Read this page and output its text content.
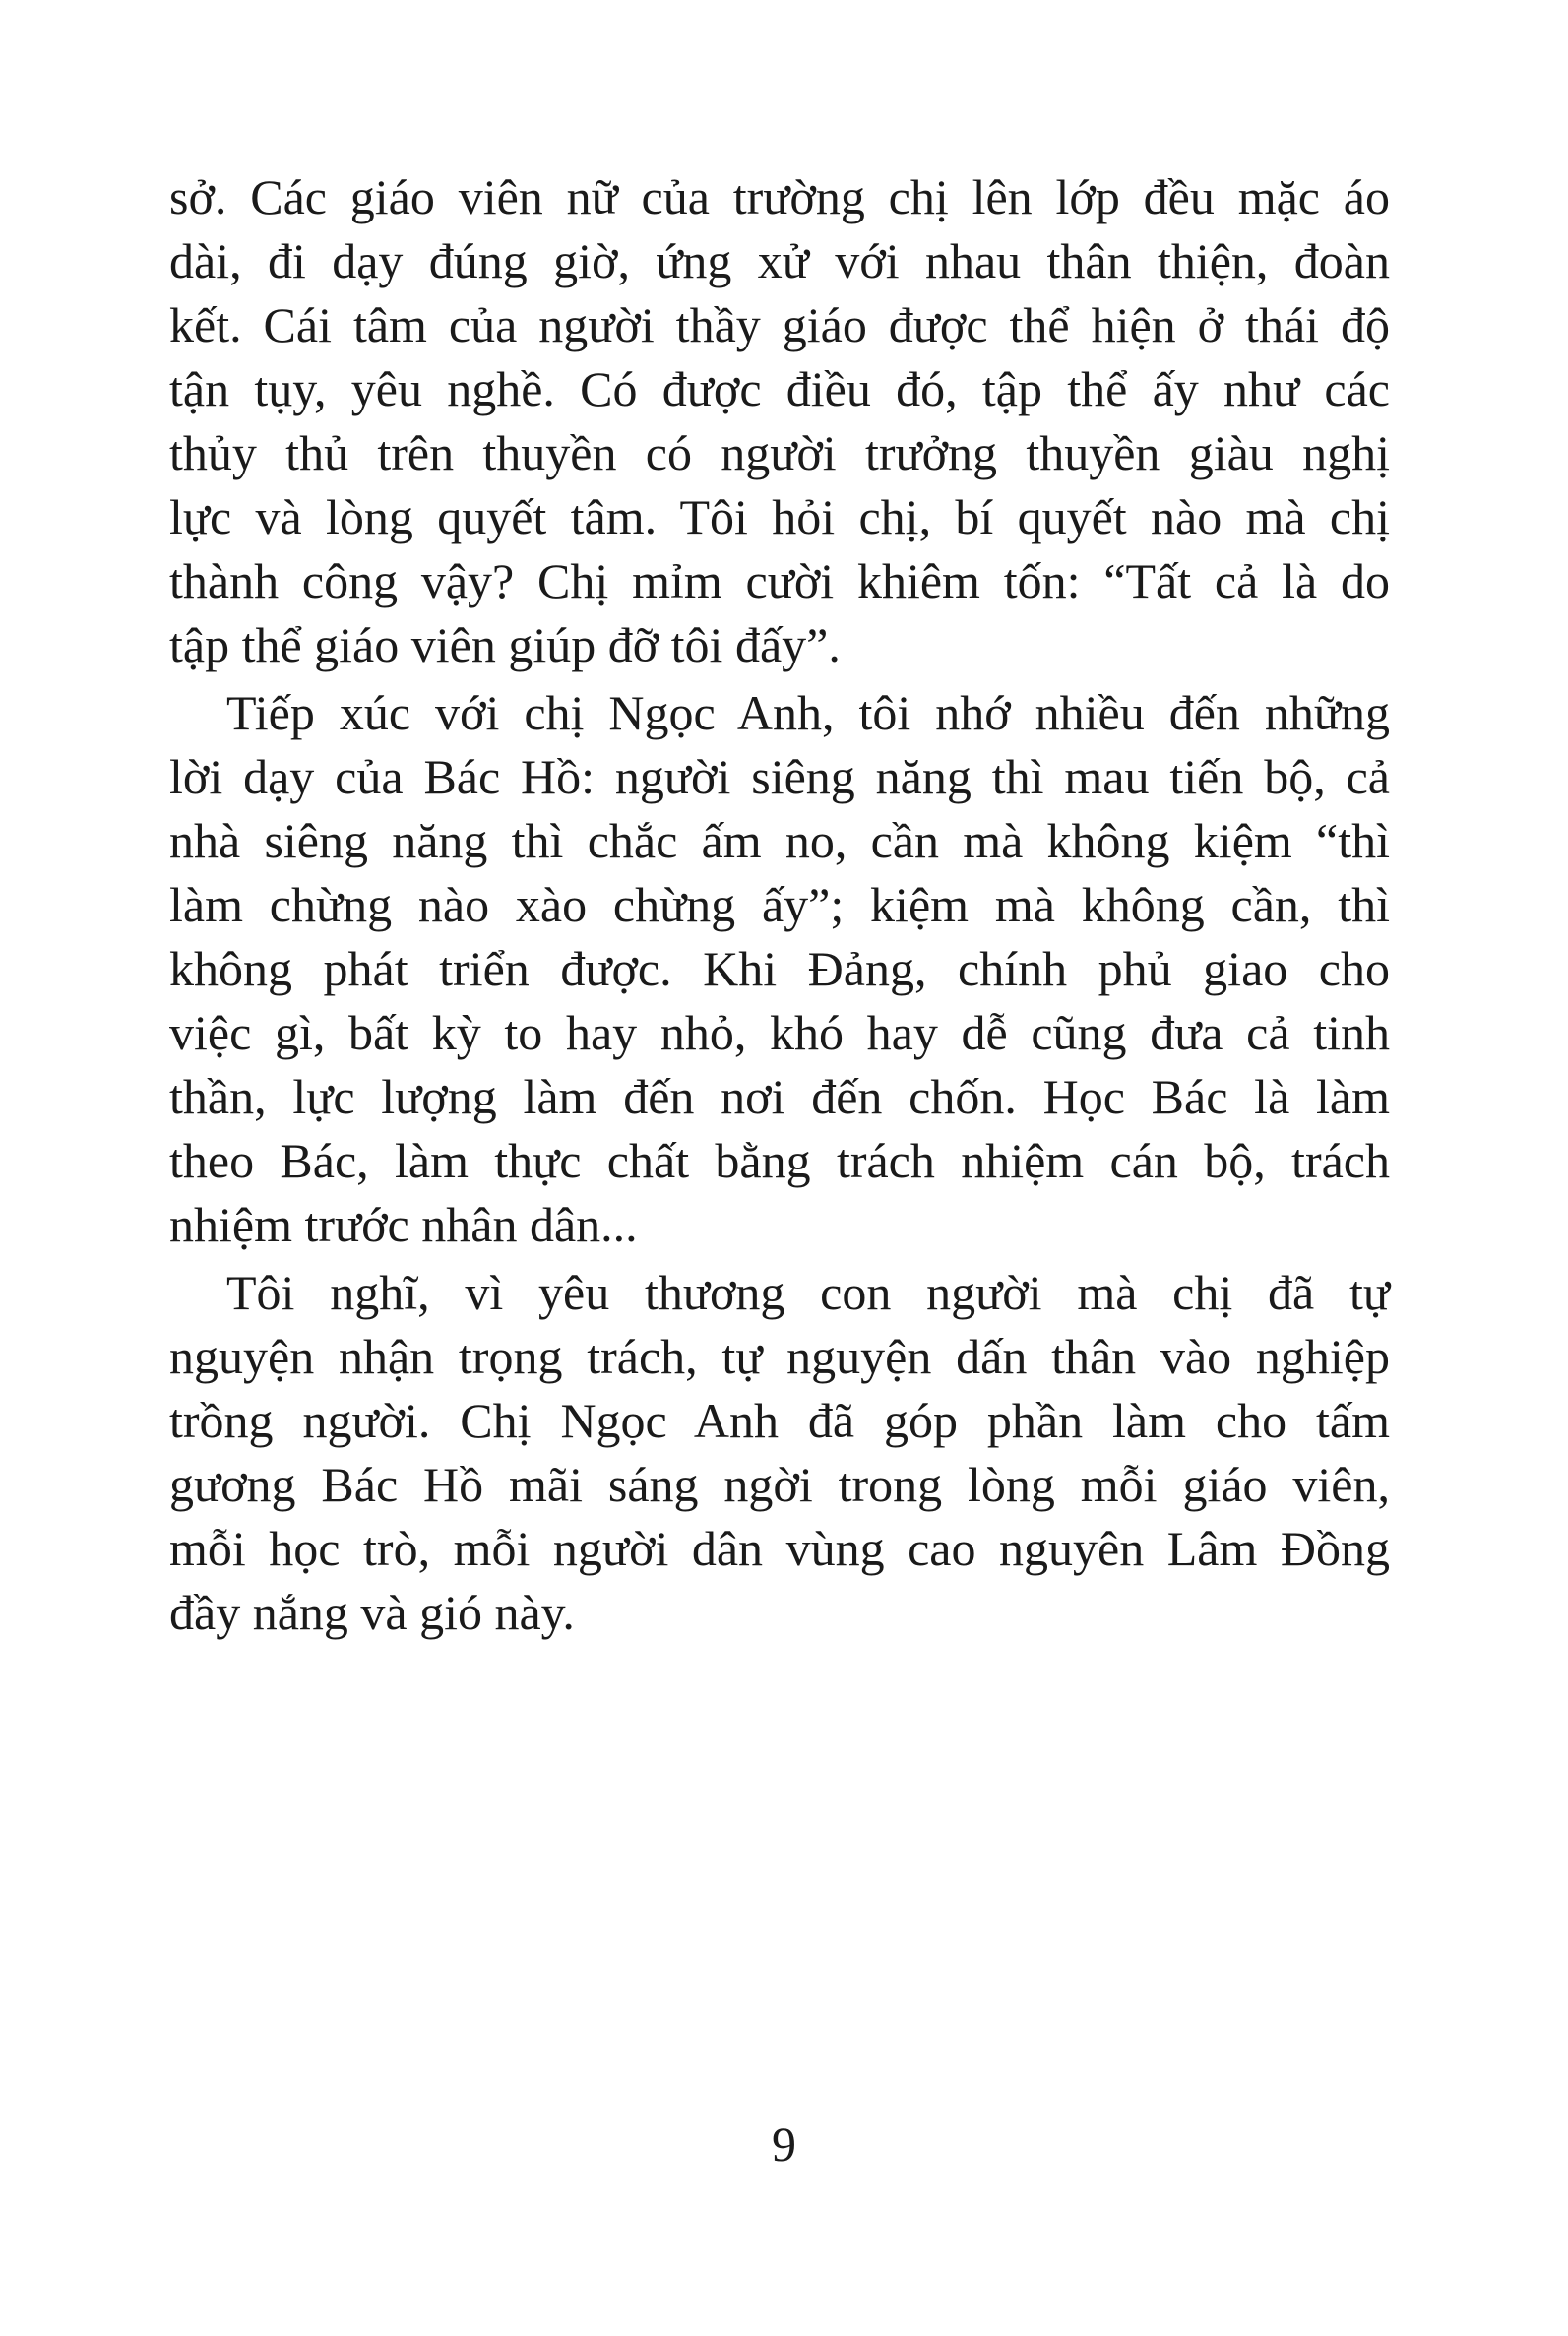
sở. Các giáo viên nữ của trường chị lên lớp đều mặc áo
dài, đi dạy đúng giờ, ứng xử với nhau thân thiện, đoàn
kết. Cái tâm của người thầy giáo được thể hiện ở thái độ
tận tụy, yêu nghề. Có được điều đó, tập thể ấy như các
thủy thủ trên thuyền có người trưởng thuyền giàu nghị
lực và lòng quyết tâm. Tôi hỏi chị, bí quyết nào mà chị
thành công vậy? Chị mỉm cười khiêm tốn: “Tất cả là do
tập thể giáo viên giúp đỡ tôi đấy”.
Tiếp xúc với chị Ngọc Anh, tôi nhớ nhiều đến những
lời dạy của Bác Hồ: người siêng năng thì mau tiến bộ, cả
nhà siêng năng thì chắc ấm no, cần mà không kiệm “thì
làm chừng nào xào chừng ấy”; kiệm mà không cần, thì
không phát triển được. Khi Đảng, chính phủ giao cho
việc gì, bất kỳ to hay nhỏ, khó hay dễ cũng đưa cả tinh
thần, lực lượng làm đến nơi đến chốn. Học Bác là làm
theo Bác, làm thực chất bằng trách nhiệm cán bộ, trách
nhiệm trước nhân dân...
Tôi nghĩ, vì yêu thương con người mà chị đã tự
nguyện nhận trọng trách, tự nguyện dấn thân vào nghiệp
trồng người. Chị Ngọc Anh đã góp phần làm cho tấm
gương Bác Hồ mãi sáng ngời trong lòng mỗi giáo viên,
mỗi học trò, mỗi người dân vùng cao nguyên Lâm Đồng
đầy nắng và gió này.
9
